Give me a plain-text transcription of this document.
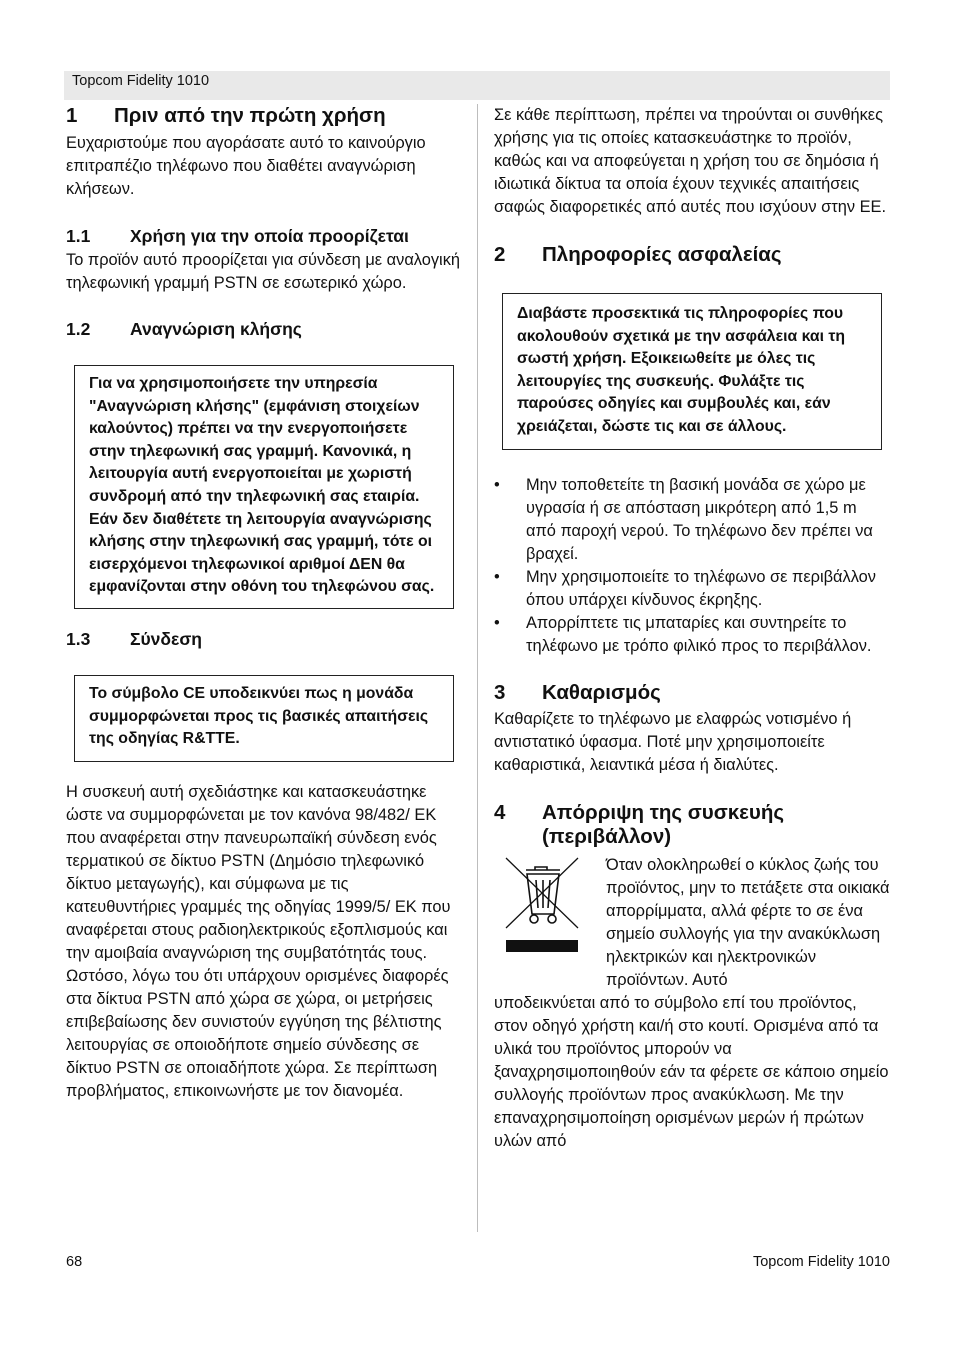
Topcom Fidelity 1010
1	Πριν από την πρώτη χρήση

Ευχαριστούμε που αγοράσατε αυτό το καινούργιο επιτραπέζιο τηλέφωνο που διαθέτει αναγνώριση κλήσεων.

1.1	Χρήση για την οποία προορίζεται

Το προϊόν αυτό προορίζεται για σύνδεση με αναλογική τηλεφωνική γραμμή PSTN σε εσωτερικό χώρο.

1.2	Αναγνώριση κλήσης

Για να χρησιμοποιήσετε την υπηρεσία "Αναγνώριση κλήσης" (εμφάνιση στοιχείων καλούντος) πρέπει να την ενεργοποιήσετε στην τηλεφωνική σας γραμμή. Κανονικά, η λειτουργία αυτή ενεργοποιείται με χωριστή συνδρομή από την τηλεφωνική σας εταιρία. Εάν δεν διαθέτετε τη λειτουργία αναγνώρισης κλήσης στην τηλεφωνική σας γραμμή, τότε οι εισερχόμενοι τηλεφωνικοί αριθμοί ΔΕΝ θα εμφανίζονται στην οθόνη του τηλεφώνου σας.

1.3	Σύνδεση

Το σύμβολο CE υποδεικνύει πως η μονάδα συμμορφώνεται προς τις βασικές απαιτήσεις της οδηγίας R&TTE.

Η συσκευή αυτή σχεδιάστηκε και κατασκευάστηκε ώστε να συμμορφώνεται με τον κανόνα 98/482/ ΕΚ που αναφέρεται στην πανευρωπαϊκή σύνδεση ενός τερματικού σε δίκτυο PSTN (Δημόσιο τηλεφωνικό δίκτυο μεταγωγής), και σύμφωνα με τις κατευθυντήριες γραμμές της οδηγίας 1999/5/ ΕΚ που αναφέρεται στους ραδιοηλεκτρικούς εξοπλισμούς και την αμοιβαία αναγνώριση της συμβατότητάς τους. Ωστόσο, λόγω του ότι υπάρχουν ορισμένες διαφορές στα δίκτυα PSTN από χώρα σε χώρα, οι μετρήσεις επιβεβαίωσης δεν συνιστούν εγγύηση της βέλτιστης λειτουργίας σε οποιοδήποτε σημείο σύνδεσης σε δίκτυο PSTN σε οποιαδήποτε χώρα. Σε περίπτωση προβλήματος, επικοινωνήστε με τον διανομέα.

Σε κάθε περίπτωση, πρέπει να τηρούνται οι συνθήκες χρήσης για τις οποίες κατασκευάστηκε το προϊόν, καθώς και να αποφεύγεται η χρήση του σε δημόσια ή ιδιωτικά δίκτυα τα οποία έχουν τεχνικές απαιτήσεις σαφώς διαφορετικές από αυτές που ισχύουν στην ΕΕ.

2	Πληροφορίες ασφαλείας

Διαβάστε προσεκτικά τις πληροφορίες που ακολουθούν σχετικά με την ασφάλεια και τη σωστή χρήση. Εξοικειωθείτε με όλες τις λειτουργίες της συσκευής. Φυλάξτε τις παρούσες οδηγίες και συμβουλές και, εάν χρειάζεται, δώστε τις και σε άλλους.

• Μην τοποθετείτε τη βασική μονάδα σε χώρο με υγρασία ή σε απόσταση μικρότερη από 1,5 m από παροχή νερού. Το τηλέφωνο δεν πρέπει να βραχεί.
• Μην χρησιμοποιείτε το τηλέφωνο σε περιβάλλον όπου υπάρχει κίνδυνος έκρηξης.
• Απορρίπτετε τις μπαταρίες και συντηρείτε το τηλέφωνο με τρόπο φιλικό προς το περιβάλλον.
3	Καθαρισμός

Καθαρίζετε το τηλέφωνο με ελαφρώς νοτισμένο ή αντιστατικό ύφασμα. Ποτέ μην χρησιμοποιείτε καθαριστικά, λειαντικά μέσα ή διαλύτες.

4	Απόρριψη της συσκευής (περιβάλλον)

Όταν ολοκληρωθεί ο κύκλος ζωής του προϊόντος, μην το πετάξετε στα οικιακά απορρίμματα, αλλά φέρτε το σε ένα σημείο συλλογής για την ανακύκλωση ηλεκτρικών και ηλεκτρονικών προϊόντων. Αυτό

υποδεικνύεται από το σύμβολο επί του προϊόντος, στον οδηγό χρήστη και/ή στο κουτί. Ορισμένα από τα υλικά του προϊόντος μπορούν να ξαναχρησιμοποιηθούν εάν τα φέρετε σε κάποιο σημείο συλλογής προϊόντων προς ανακύκλωση. Με την επαναχρησιμοποίηση ορισμένων μερών ή πρώτων υλών από

68	Topcom Fidelity 1010
